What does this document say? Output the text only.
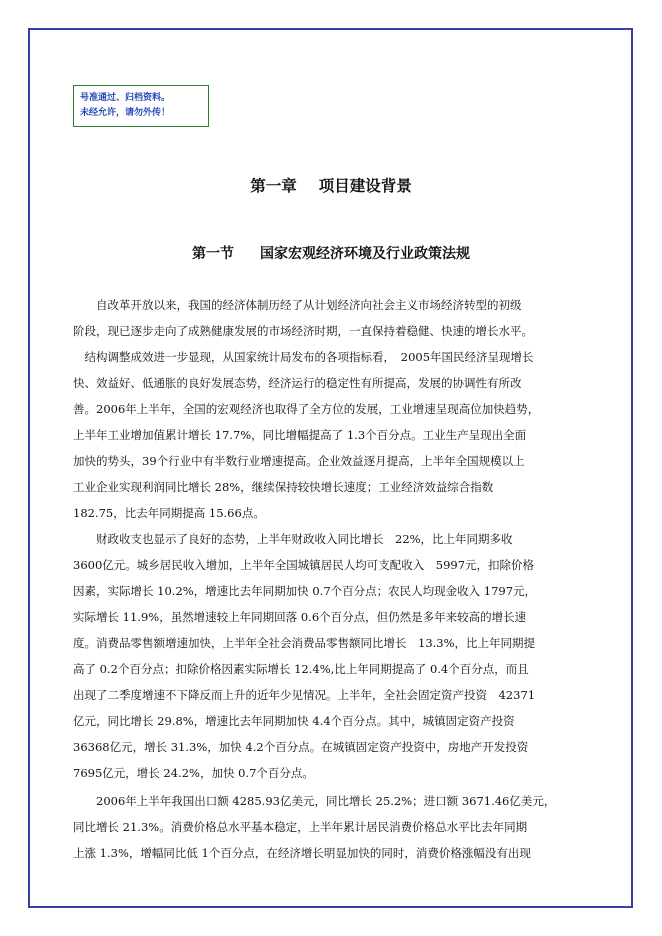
号准通过、归档资料。
未经允许，请勿外传！
第一章 项目建设背景
第一节 国家宏观经济环境及行业政策法规
　　自改革开放以来，我国的经济体制历经了从计划经济向社会主义市场经济转型的初级
阶段，现已逐步走向了成熟健康发展的市场经济时期，一直保持着稳健、快速的增长水平。
　结构调整成效进一步显现，从国家统计局发布的各项指标看，　2005年国民经济呈现增长
快、效益好、低通胀的良好发展态势，经济运行的稳定性有所提高，发展的协调性有所改
善。2006年上半年，全国的宏观经济也取得了全方位的发展，工业增速呈现高位加快趋势，
上半年工业增加值累计增长 17.7%，同比增幅提高了 1.3个百分点。工业生产呈现出全面
加快的势头，39个行业中有半数行业增速提高。企业效益逐月提高，上半年全国规模以上
工业企业实现利润同比增长 28%，继续保持较快增长速度；工业经济效益综合指数
182.75，比去年同期提高 15.66点。
　　财政收支也显示了良好的态势，上半年财政收入同比增长　22%，比上年同期多收
3600亿元。城乡居民收入增加，上半年全国城镇居民人均可支配收入　5997元，扣除价格
因素，实际增长 10.2%，增速比去年同期加快 0.7个百分点；农民人均现金收入 1797元，
实际增长 11.9%，虽然增速较上年同期回落 0.6个百分点，但仍然是多年来较高的增长速
度。消费品零售额增速加快，上半年全社会消费品零售额同比增长　13.3%，比上年同期提
高了 0.2个百分点；扣除价格因素实际增长 12.4%,比上年同期提高了 0.4个百分点，而且
出现了二季度增速不下降反而上升的近年少见情况。上半年，全社会固定资产投资　42371
亿元，同比增长 29.8%，增速比去年同期加快 4.4个百分点。其中，城镇固定资产投资
36368亿元，增长 31.3%，加快 4.2个百分点。在城镇固定资产投资中，房地产开发投资
7695亿元，增长 24.2%，加快 0.7个百分点。
　　2006年上半年我国出口额 4285.93亿美元，同比增长 25.2%；进口额 3671.46亿美元，
同比增长 21.3%。消费价格总水平基本稳定，上半年累计居民消费价格总水平比去年同期
上涨 1.3%，增幅同比低 1个百分点，在经济增长明显加快的同时，消费价格涨幅没有出现
